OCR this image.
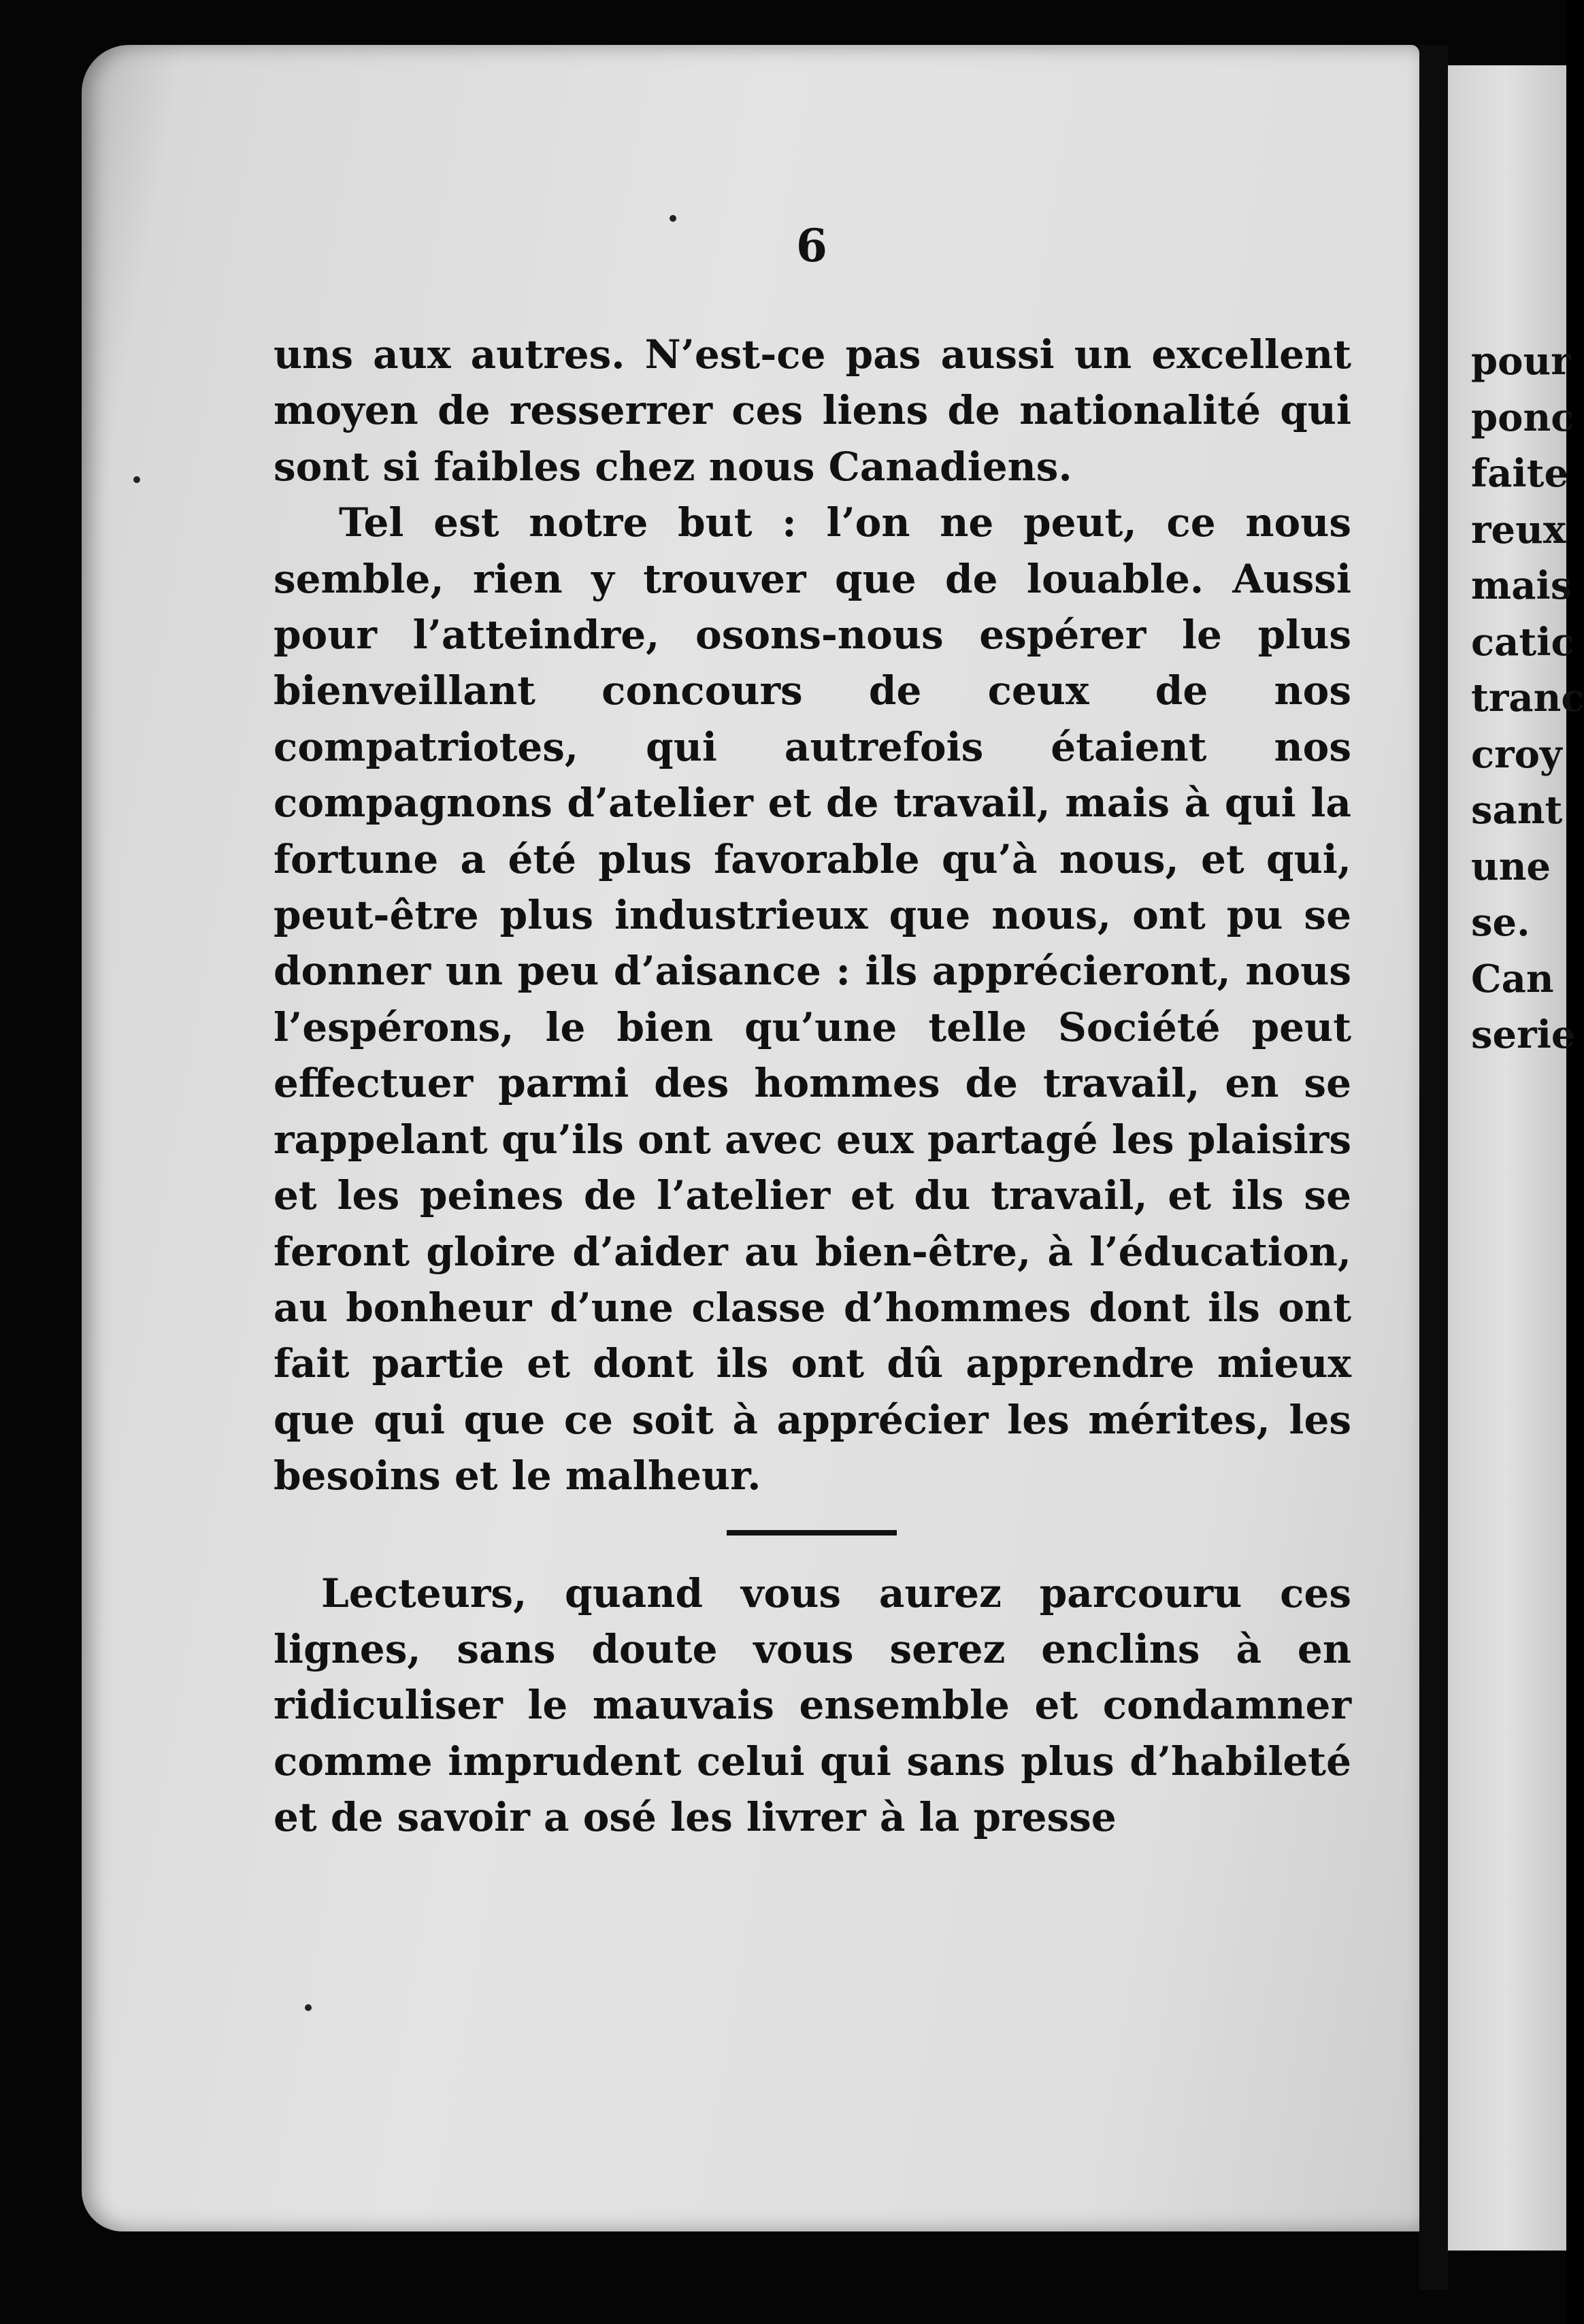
6

uns aux autres. N’est-ce pas aussi un excellent moyen de resserrer ces liens de nationalité qui sont si faibles chez nous Canadiens.

Tel est notre but : l’on ne peut, ce nous semble, rien y trouver que de louable. Aussi pour l’atteindre, osons-nous espérer le plus bienveillant concours de ceux de nos compatriotes, qui autrefois étaient nos compagnons d’atelier et de travail, mais à qui la fortune a été plus favorable qu’à nous, et qui, peut-être plus industrieux que nous, ont pu se donner un peu d’aisance : ils apprécieront, nous l’espérons, le bien qu’une telle Société peut effectuer parmi des hommes de travail, en se rappelant qu’ils ont avec eux partagé les plaisirs et les peines de l’atelier et du travail, et ils se feront gloire d’aider au bien-être, à l’éducation, au bonheur d’une classe d’hommes dont ils ont fait partie et dont ils ont dû apprendre mieux que qui que ce soit à apprécier les mérites, les besoins et le malheur.

Lecteurs, quand vous aurez parcouru ces lignes, sans doute vous serez enclins à en ridiculiser le mauvais ensemble et condamner comme imprudent celui qui sans plus d’habileté et de savoir a osé les livrer à la presse

pour
ponc
faite
reux
mais
catic
tranc
croy
sant
une
se.
Can
serie
